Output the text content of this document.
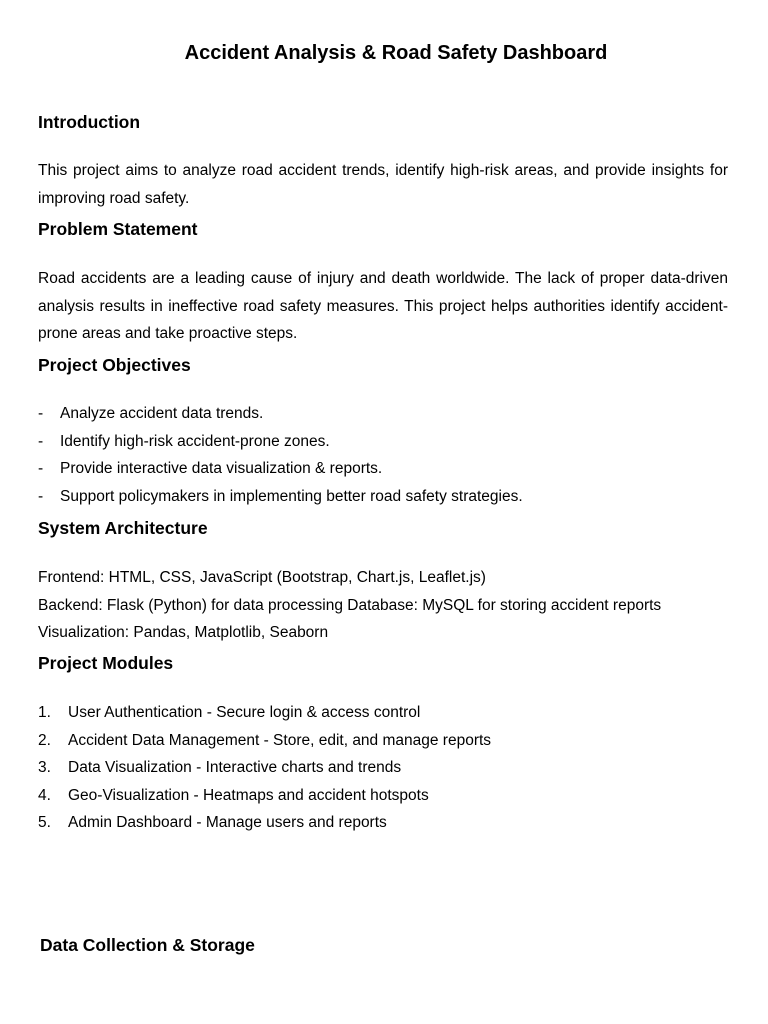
Accident Analysis & Road Safety Dashboard
Introduction

This project aims to analyze road accident trends, identify high-risk areas, and provide insights for
improving road safety.

Problem Statement

Road accidents are a leading cause of injury and death worldwide. The lack of proper data-driven
analysis results in ineffective road safety measures. This project helps authorities identify accident-
prone areas and take proactive steps.

Project Objectives
- Analyze accident data trends.
- Identify high-risk accident-prone zones.
- Provide interactive data visualization & reports.
- Support policymakers in implementing better road safety strategies.
System Architecture
Frontend: HTML, CSS, JavaScript (Bootstrap, Chart.js, Leaflet.js)
Backend: Flask (Python) for data processing Database: MySQL for storing accident reports
Visualization: Pandas, Matplotlib, Seaborn
Project Modules
1. User Authentication - Secure login & access control
2. Accident Data Management - Store, edit, and manage reports
3. Data Visualization - Interactive charts and trends
4. Geo-Visualization - Heatmaps and accident hotspots
5. Admin Dashboard - Manage users and reports
Data Collection & Storage
